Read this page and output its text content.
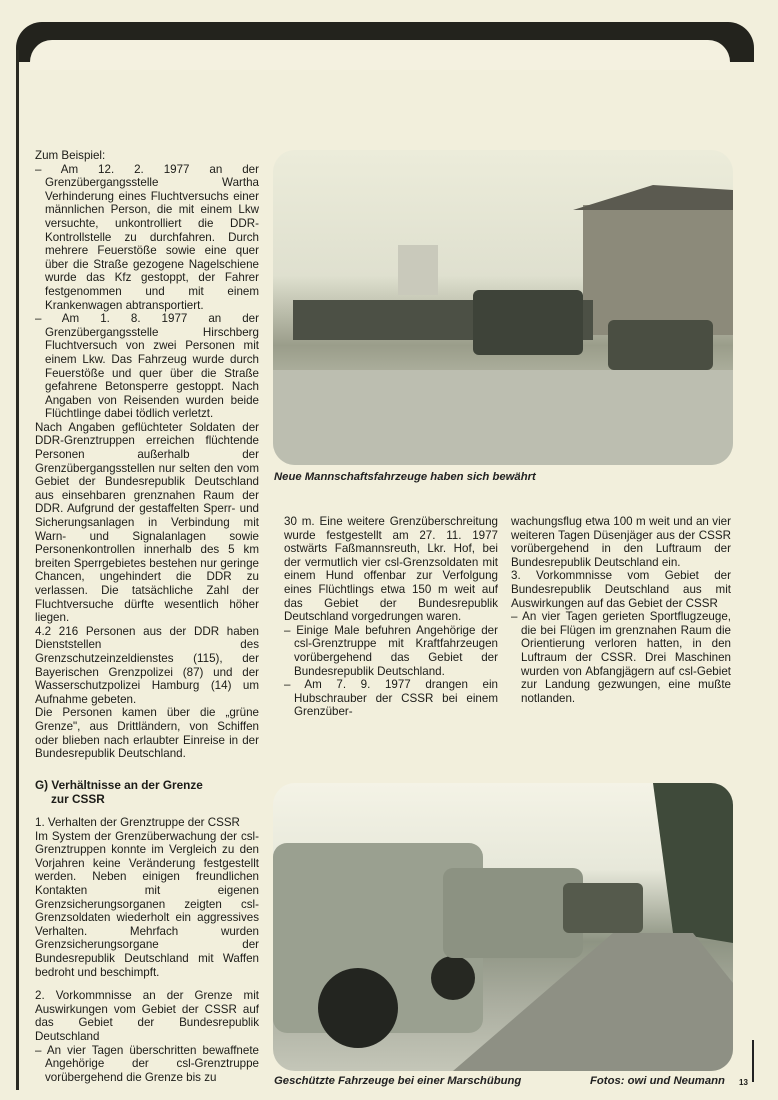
Zum Beispiel:

– Am 12. 2. 1977 an der Grenzübergangsstelle Wartha Verhinderung eines Fluchtversuchs einer männlichen Person, die mit einem Lkw versuchte, unkontrolliert die DDR-Kontrollstelle zu durchfahren. Durch mehrere Feuerstöße sowie eine quer über die Straße gezogene Nagelschiene wurde das Kfz gestoppt, der Fahrer festgenommen und mit einem Krankenwagen abtransportiert.

– Am 1. 8. 1977 an der Grenzübergangsstelle Hirschberg Fluchtversuch von zwei Personen mit einem Lkw. Das Fahrzeug wurde durch Feuerstöße und quer über die Straße gefahrene Betonsperre gestoppt. Nach Angaben von Reisenden wurden beide Flüchtlinge dabei tödlich verletzt.

Nach Angaben geflüchteter Soldaten der DDR-Grenztruppen erreichen flüchtende Personen außerhalb der Grenzübergangsstellen nur selten den vom Gebiet der Bundesrepublik Deutschland aus einsehbaren grenznahen Raum der DDR. Aufgrund der gestaffelten Sperr- und Sicherungsanlagen in Verbindung mit Warn- und Signalanlagen sowie Personenkontrollen innerhalb des 5 km breiten Sperrgebietes bestehen nur geringe Chancen, ungehindert die DDR zu verlassen. Die tatsächliche Zahl der Fluchtversuche dürfte wesentlich höher liegen.

4.2 216 Personen aus der DDR haben Dienststellen des Grenzschutzeinzeldienstes (115), der Bayerischen Grenzpolizei (87) und der Wasserschutzpolizei Hamburg (14) um Aufnahme gebeten.

Die Personen kamen über die „grüne Grenze", aus Drittländern, von Schiffen oder blieben nach erlaubter Einreise in der Bundesrepublik Deutschland.

G) Verhältnisse an der Grenze zur CSSR

1. Verhalten der Grenztruppe der CSSR

Im System der Grenzüberwachung der csl-Grenztruppen konnte im Vergleich zu den Vorjahren keine Veränderung festgestellt werden. Neben einigen freundlichen Kontakten mit eigenen Grenzsicherungsorganen zeigten csl-Grenzsoldaten wiederholt ein aggressives Verhalten. Mehrfach wurden Grenzsicherungsorgane der Bundesrepublik Deutschland mit Waffen bedroht und beschimpft.

2. Vorkommnisse an der Grenze mit Auswirkungen vom Gebiet der CSSR auf das Gebiet der Bundesrepublik Deutschland

– An vier Tagen überschritten bewaffnete Angehörige der csl-Grenztruppe vorübergehend die Grenze bis zu

Neue Mannschaftsfahrzeuge haben sich bewährt

30 m. Eine weitere Grenzüberschreitung wurde festgestellt am 27. 11. 1977 ostwärts Faßmannsreuth, Lkr. Hof, bei der vermutlich vier csl-Grenzsoldaten mit einem Hund offenbar zur Verfolgung eines Flüchtlings etwa 150 m weit auf das Gebiet der Bundesrepublik Deutschland vorgedrungen waren.

– Einige Male befuhren Angehörige der csl-Grenztruppe mit Kraftfahrzeugen vorübergehend das Gebiet der Bundesrepublik Deutschland.

– Am 7. 9. 1977 drangen ein Hubschrauber der CSSR bei einem Grenzüber-

wachungsflug etwa 100 m weit und an vier weiteren Tagen Düsenjäger aus der CSSR vorübergehend in den Luftraum der Bundesrepublik Deutschland ein.

3. Vorkommnisse vom Gebiet der Bundesrepublik Deutschland aus mit Auswirkungen auf das Gebiet der CSSR

– An vier Tagen gerieten Sportflugzeuge, die bei Flügen im grenznahen Raum die Orientierung verloren hatten, in den Luftraum der CSSR. Drei Maschinen wurden von Abfangjägern auf csl-Gebiet zur Landung gezwungen, eine mußte notlanden.

Geschützte Fahrzeuge bei einer Marschübung	Fotos: owi und Neumann 13
